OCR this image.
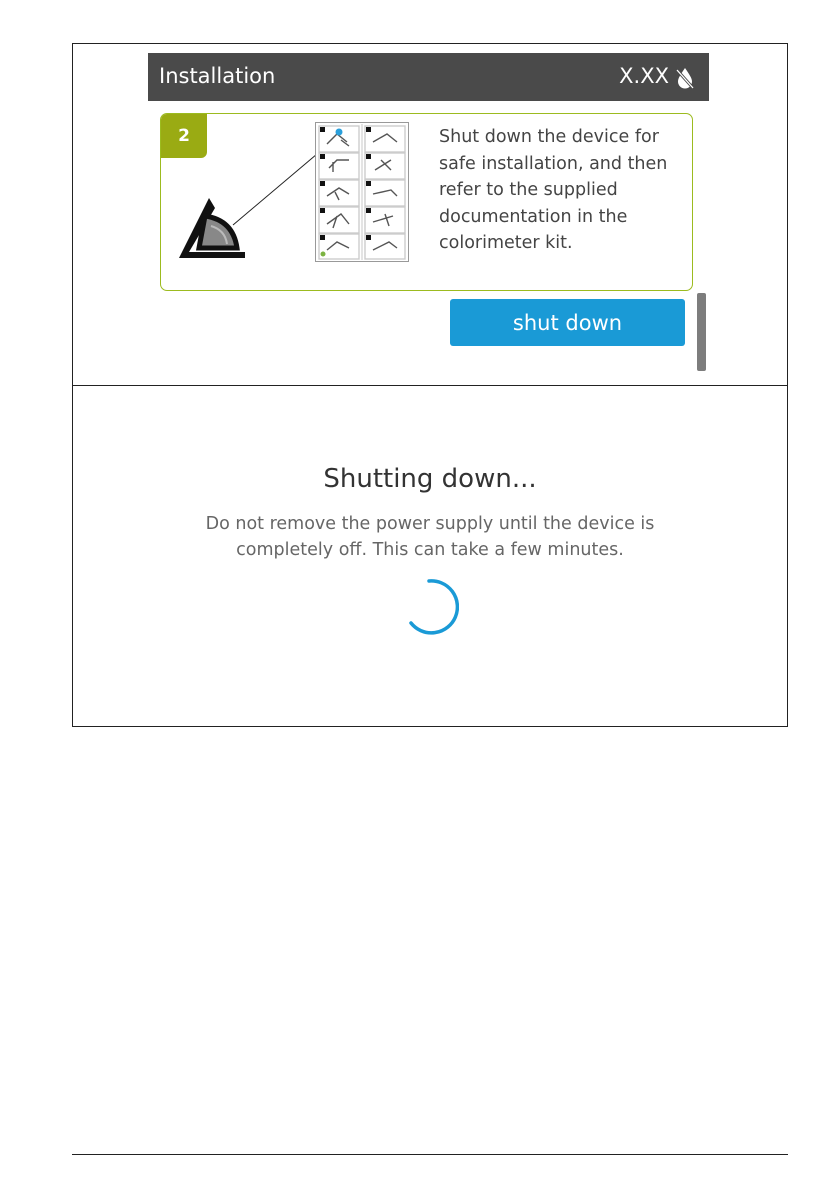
Installation	X.XX
2	Shut down the device for safe installation, and then refer to the supplied documentation in the colorimeter kit.
shut down
Shutting down...
Do not remove the power supply until the device is
completely off. This can take a few minutes.
